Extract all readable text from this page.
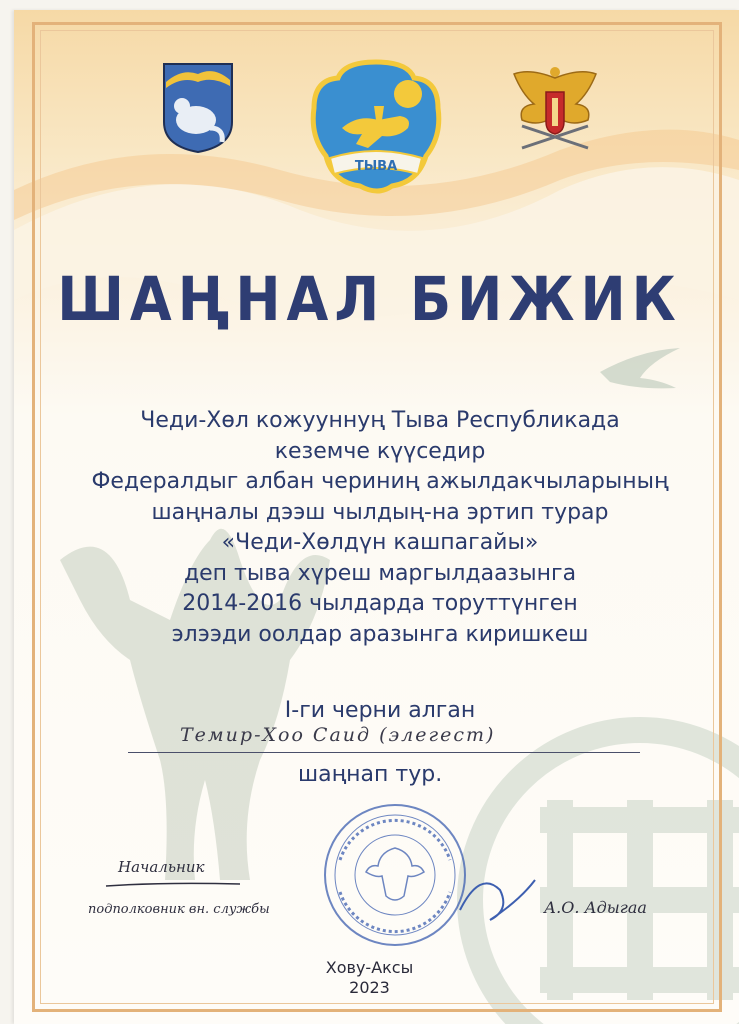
ТЫВА
ШАҢНАЛ БИЖИК
Чеди-Хөл кожууннуң Тыва Республикада
кеземче күүседир
Федералдыг албан чериниң ажылдакчыларының
шаңналы дээш чылдың-на эртип турар
«Чеди-Хөлдүн кашпагайы»
деп тыва хүреш маргылдаазынга
2014-2016 чылдарда торуттүнген
элээди оолдар аразынга киришкеш
I-ги черни алган
Темир-Хоо Саид (элегест)
шаңнап тур.
Начальник
подполковник вн. службы	А.О. Адыгаа
Хову-Аксы
2023
